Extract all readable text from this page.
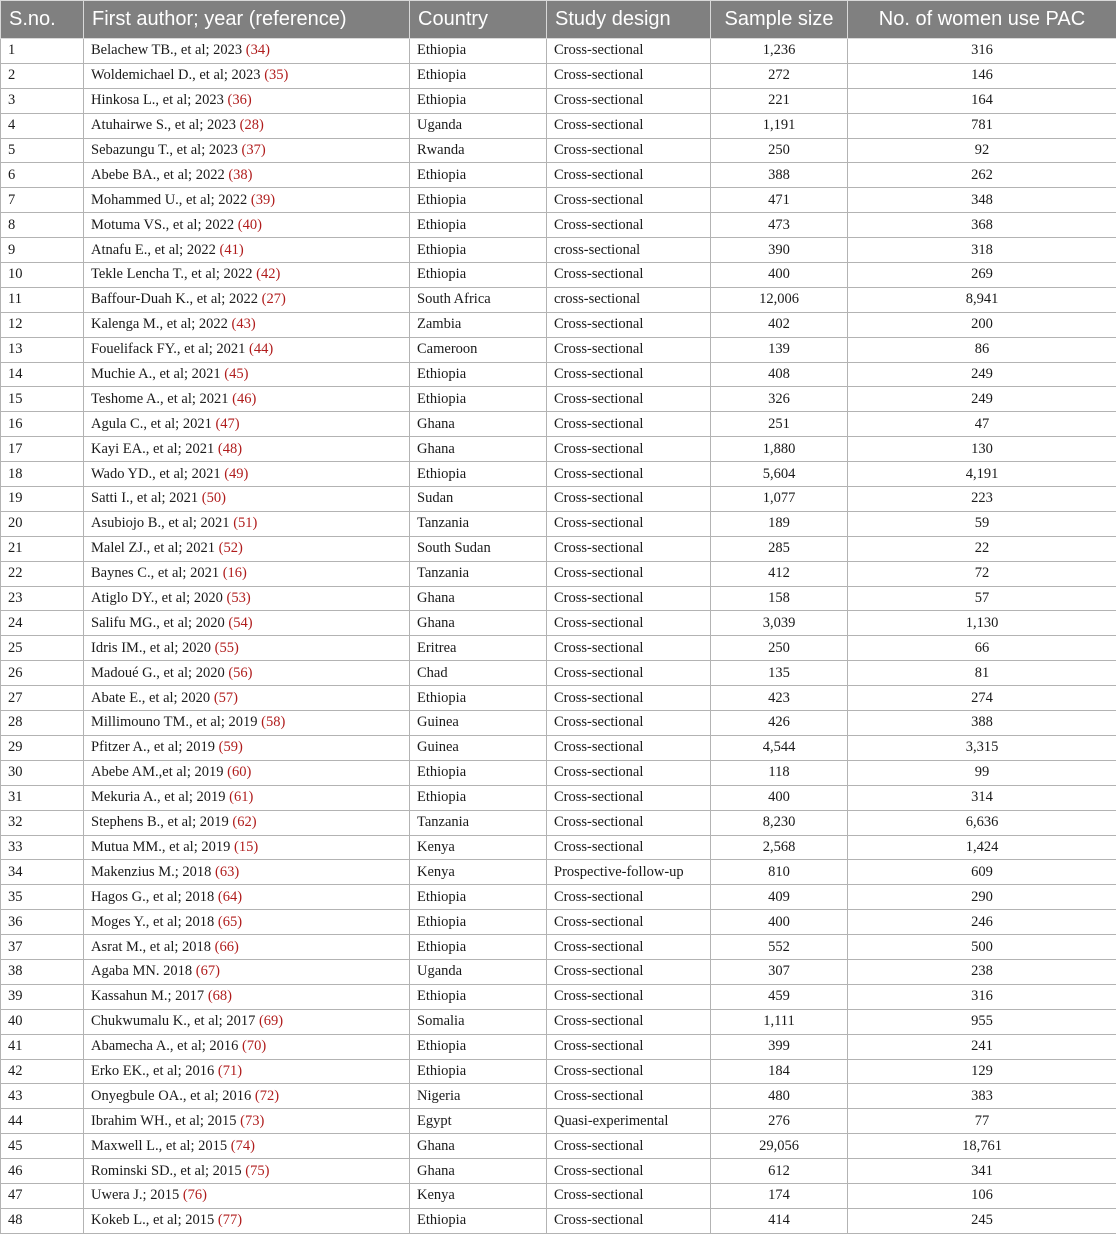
S.no.	First author; year (reference)	Country	Study design	Sample size	No. of women use PAC
1	Belachew TB., et al; 2023 (34)	Ethiopia	Cross-sectional	1,236	316
2	Woldemichael D., et al; 2023 (35)	Ethiopia	Cross-sectional	272	146
3	Hinkosa L., et al; 2023 (36)	Ethiopia	Cross-sectional	221	164
4	Atuhairwe S., et al; 2023 (28)	Uganda	Cross-sectional	1,191	781
5	Sebazungu T., et al; 2023 (37)	Rwanda	Cross-sectional	250	92
6	Abebe BA., et al; 2022 (38)	Ethiopia	Cross-sectional	388	262
7	Mohammed U., et al; 2022 (39)	Ethiopia	Cross-sectional	471	348
8	Motuma VS., et al; 2022 (40)	Ethiopia	Cross-sectional	473	368
9	Atnafu E., et al; 2022 (41)	Ethiopia	cross-sectional	390	318
10	Tekle Lencha T., et al; 2022 (42)	Ethiopia	Cross-sectional	400	269
11	Baffour-Duah K., et al; 2022 (27)	South Africa	cross-sectional	12,006	8,941
12	Kalenga M., et al; 2022 (43)	Zambia	Cross-sectional	402	200
13	Fouelifack FY., et al; 2021 (44)	Cameroon	Cross-sectional	139	86
14	Muchie A., et al; 2021 (45)	Ethiopia	Cross-sectional	408	249
15	Teshome A., et al; 2021 (46)	Ethiopia	Cross-sectional	326	249
16	Agula C., et al; 2021 (47)	Ghana	Cross-sectional	251	47
17	Kayi EA., et al; 2021 (48)	Ghana	Cross-sectional	1,880	130
18	Wado YD., et al; 2021 (49)	Ethiopia	Cross-sectional	5,604	4,191
19	Satti I., et al; 2021 (50)	Sudan	Cross-sectional	1,077	223
20	Asubiojo B., et al; 2021 (51)	Tanzania	Cross-sectional	189	59
21	Malel ZJ., et al; 2021 (52)	South Sudan	Cross-sectional	285	22
22	Baynes C., et al; 2021 (16)	Tanzania	Cross-sectional	412	72
23	Atiglo DY., et al; 2020 (53)	Ghana	Cross-sectional	158	57
24	Salifu MG., et al; 2020 (54)	Ghana	Cross-sectional	3,039	1,130
25	Idris IM., et al; 2020 (55)	Eritrea	Cross-sectional	250	66
26	Madoué G., et al; 2020 (56)	Chad	Cross-sectional	135	81
27	Abate E., et al; 2020 (57)	Ethiopia	Cross-sectional	423	274
28	Millimouno TM., et al; 2019 (58)	Guinea	Cross-sectional	426	388
29	Pfitzer A., et al; 2019 (59)	Guinea	Cross-sectional	4,544	3,315
30	Abebe AM.,et al; 2019 (60)	Ethiopia	Cross-sectional	118	99
31	Mekuria A., et al; 2019 (61)	Ethiopia	Cross-sectional	400	314
32	Stephens B., et al; 2019 (62)	Tanzania	Cross-sectional	8,230	6,636
33	Mutua MM., et al; 2019 (15)	Kenya	Cross-sectional	2,568	1,424
34	Makenzius M.; 2018 (63)	Kenya	Prospective-follow-up	810	609
35	Hagos G., et al; 2018 (64)	Ethiopia	Cross-sectional	409	290
36	Moges Y., et al; 2018 (65)	Ethiopia	Cross-sectional	400	246
37	Asrat M., et al; 2018 (66)	Ethiopia	Cross-sectional	552	500
38	Agaba MN. 2018 (67)	Uganda	Cross-sectional	307	238
39	Kassahun M.; 2017 (68)	Ethiopia	Cross-sectional	459	316
40	Chukwumalu K., et al; 2017 (69)	Somalia	Cross-sectional	1,111	955
41	Abamecha A., et al; 2016 (70)	Ethiopia	Cross-sectional	399	241
42	Erko EK., et al; 2016 (71)	Ethiopia	Cross-sectional	184	129
43	Onyegbule OA., et al; 2016 (72)	Nigeria	Cross-sectional	480	383
44	Ibrahim WH., et al; 2015 (73)	Egypt	Quasi-experimental	276	77
45	Maxwell L., et al; 2015 (74)	Ghana	Cross-sectional	29,056	18,761
46	Rominski SD., et al; 2015 (75)	Ghana	Cross-sectional	612	341
47	Uwera J.; 2015 (76)	Kenya	Cross-sectional	174	106
48	Kokeb L., et al; 2015 (77)	Ethiopia	Cross-sectional	414	245
